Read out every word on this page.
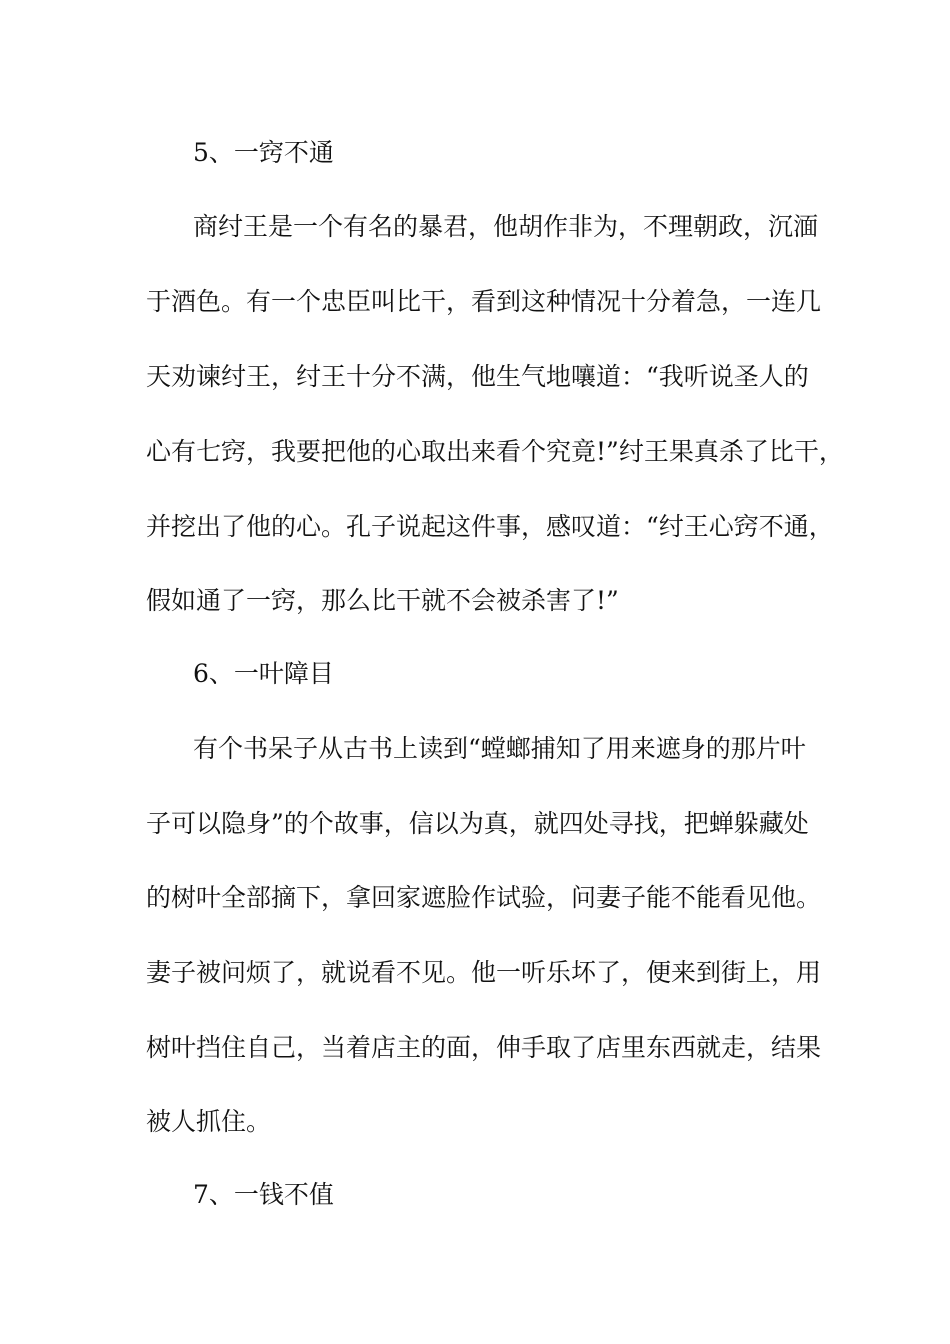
5、一窍不通

商纣王是一个有名的暴君，他胡作非为，不理朝政，沉湎

于酒色。有一个忠臣叫比干，看到这种情况十分着急，一连几

天劝谏纣王，纣王十分不满，他生气地嚷道：“我听说圣人的

心有七窍，我要把他的心取出来看个究竟!”纣王果真杀了比干，

并挖出了他的心。孔子说起这件事，感叹道：“纣王心窍不通，

假如通了一窍，那么比干就不会被杀害了!”

6、一叶障目

有个书呆子从古书上读到“螳螂捕知了用来遮身的那片叶

子可以隐身”的个故事，信以为真，就四处寻找，把蝉躲藏处

的树叶全部摘下，拿回家遮脸作试验，问妻子能不能看见他。

妻子被问烦了，就说看不见。他一听乐坏了，便来到街上，用

树叶挡住自己，当着店主的面，伸手取了店里东西就走，结果

被人抓住。

7、一钱不值
